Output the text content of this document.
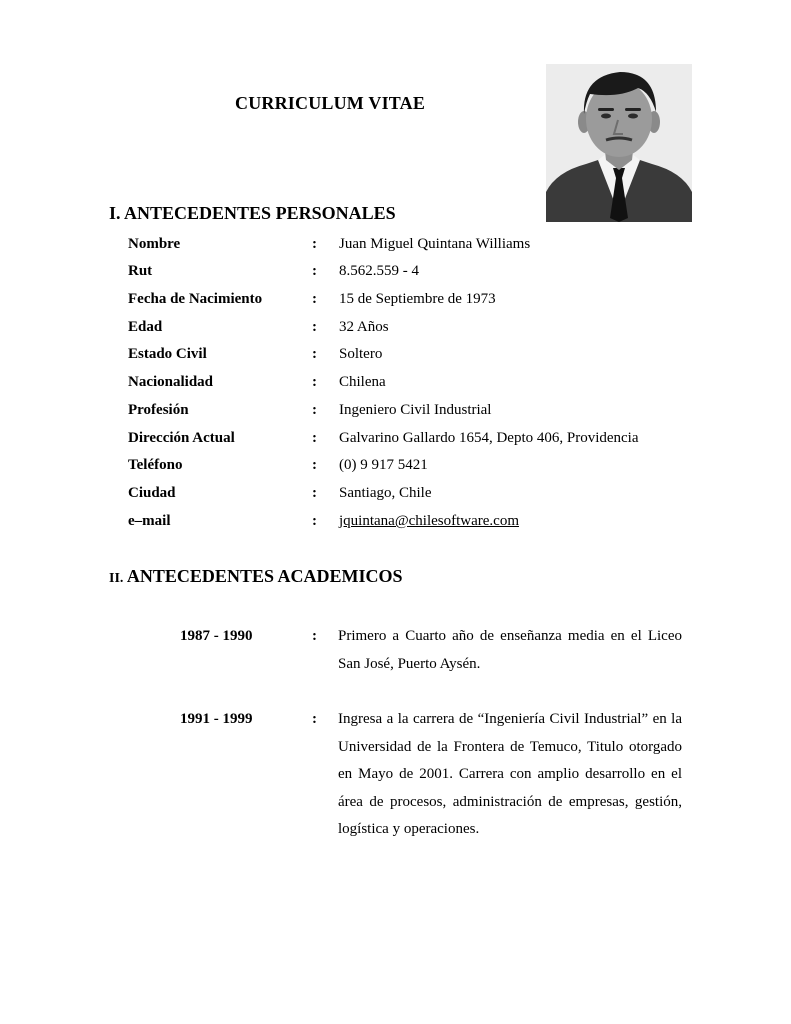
CURRICULUM VITAE
I. ANTECEDENTES PERSONALES
Nombre	: Juan Miguel Quintana Williams
Rut	: 8.562.559 - 4
Fecha de Nacimiento	: 15 de Septiembre de 1973
Edad	: 32 Años
Estado Civil	: Soltero
Nacionalidad	: Chilena
Profesión	: Ingeniero Civil Industrial
Dirección Actual	: Galvarino Gallardo 1654, Depto 406, Providencia
Teléfono	: (0) 9 917 5421
Ciudad	: Santiago, Chile
e–mail	: jquintana@chilesoftware.com
II. ANTECEDENTES ACADEMICOS
1987 - 1990	: Primero a Cuarto año de enseñanza media en el Liceo San José, Puerto Aysén.
1991 - 1999	: Ingresa a la carrera de “Ingeniería Civil Industrial” en la Universidad de la Frontera de Temuco, Titulo otorgado en Mayo de 2001. Carrera con amplio desarrollo en el área de procesos, administración de empresas, gestión, logística y operaciones.
